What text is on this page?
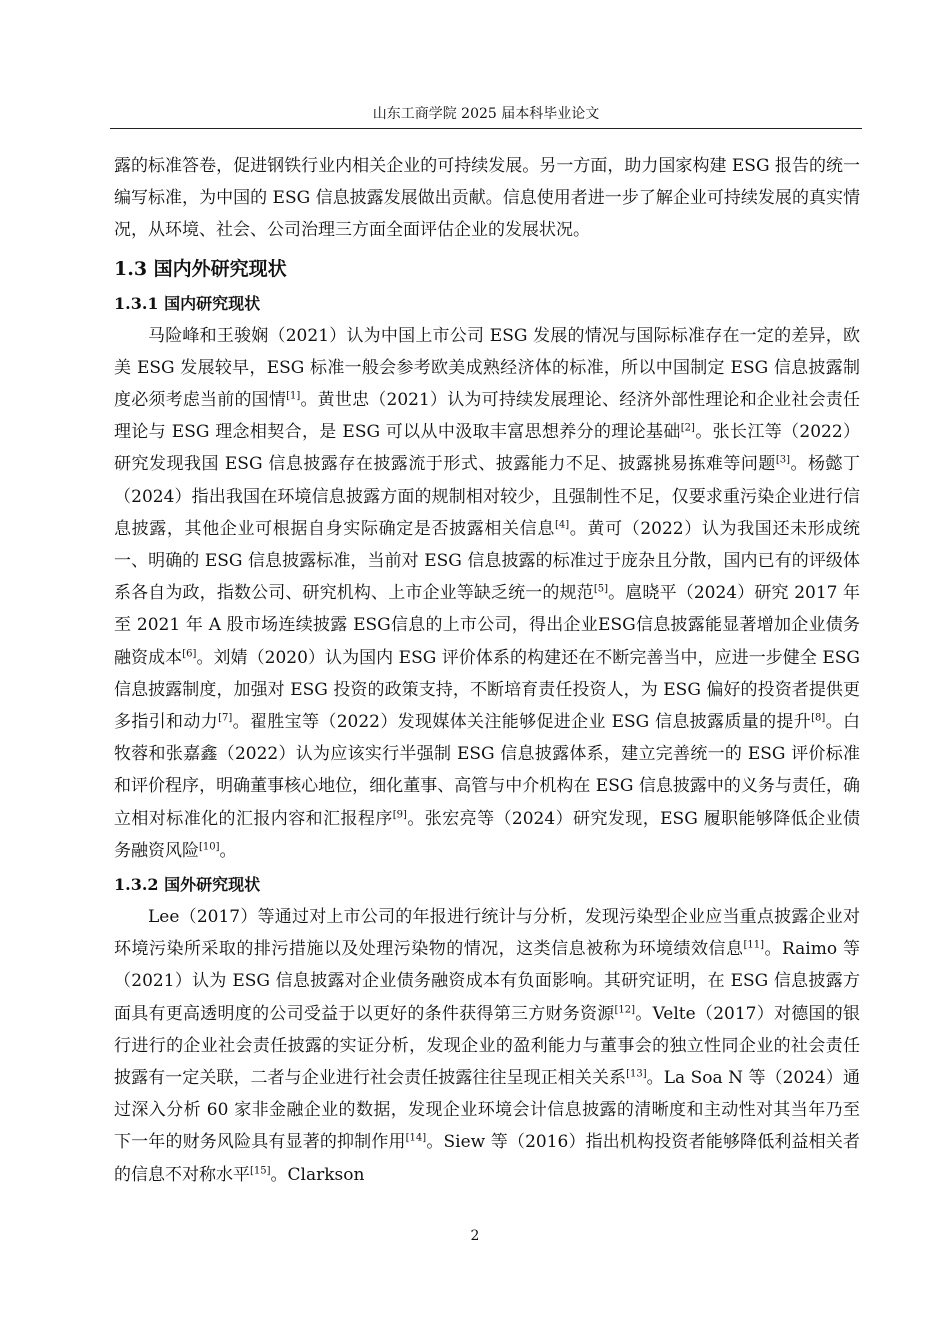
山东工商学院 2025 届本科毕业论文

露的标准答卷，促进钢铁行业内相关企业的可持续发展。另一方面，助力国家构建 ESG 报告的统一编写标准，为中国的 ESG 信息披露发展做出贡献。信息使用者进一步了解企业可持续发展的真实情况，从环境、社会、公司治理三方面全面评估企业的发展状况。

1.3 国内外研究现状
1.3.1 国内研究现状

马险峰和王骏娴（2021）认为中国上市公司 ESG 发展的情况与国际标准存在一定的差异，欧美 ESG 发展较早，ESG 标准一般会参考欧美成熟经济体的标准，所以中国制定 ESG 信息披露制度必须考虑当前的国情[1]。黄世忠（2021）认为可持续发展理论、经济外部性理论和企业社会责任理论与 ESG 理念相契合，是 ESG 可以从中汲取丰富思想养分的理论基础[2]。张长江等（2022）研究发现我国 ESG 信息披露存在披露流于形式、披露能力不足、披露挑易拣难等问题[3]。杨懿丁（2024）指出我国在环境信息披露方面的规制相对较少，且强制性不足，仅要求重污染企业进行信息披露，其他企业可根据自身实际确定是否披露相关信息[4]。黄可（2022）认为我国还未形成统一、明确的 ESG 信息披露标准，当前对 ESG 信息披露的标准过于庞杂且分散，国内已有的评级体系各自为政，指数公司、研究机构、上市企业等缺乏统一的规范[5]。扈晓平（2024）研究 2017 年至 2021 年 A 股市场连续披露 ESG信息的上市公司，得出企业ESG信息披露能显著增加企业债务融资成本[6]。刘婧（2020）认为国内 ESG 评价体系的构建还在不断完善当中，应进一步健全 ESG 信息披露制度，加强对 ESG 投资的政策支持，不断培育责任投资人，为 ESG 偏好的投资者提供更多指引和动力[7]。翟胜宝等（2022）发现媒体关注能够促进企业 ESG 信息披露质量的提升[8]。白牧蓉和张嘉鑫（2022）认为应该实行半强制 ESG 信息披露体系，建立完善统一的 ESG 评价标准和评价程序，明确董事核心地位，细化董事、高管与中介机构在 ESG 信息披露中的义务与责任，确立相对标准化的汇报内容和汇报程序[9]。张宏亮等（2024）研究发现，ESG 履职能够降低企业债务融资风险[10]。

1.3.2 国外研究现状

Lee（2017）等通过对上市公司的年报进行统计与分析，发现污染型企业应当重点披露企业对环境污染所采取的排污措施以及处理污染物的情况，这类信息被称为环境绩效信息[11]。Raimo 等（2021）认为 ESG 信息披露对企业债务融资成本有负面影响。其研究证明，在 ESG 信息披露方面具有更高透明度的公司受益于以更好的条件获得第三方财务资源[12]。Velte（2017）对德国的银行进行的企业社会责任披露的实证分析，发现企业的盈利能力与董事会的独立性同企业的社会责任披露有一定关联，二者与企业进行社会责任披露往往呈现正相关关系[13]。La Soa N 等（2024）通过深入分析 60 家非金融企业的数据，发现企业环境会计信息披露的清晰度和主动性对其当年乃至下一年的财务风险具有显著的抑制作用[14]。Siew 等（2016）指出机构投资者能够降低利益相关者的信息不对称水平[15]。Clarkson

2
